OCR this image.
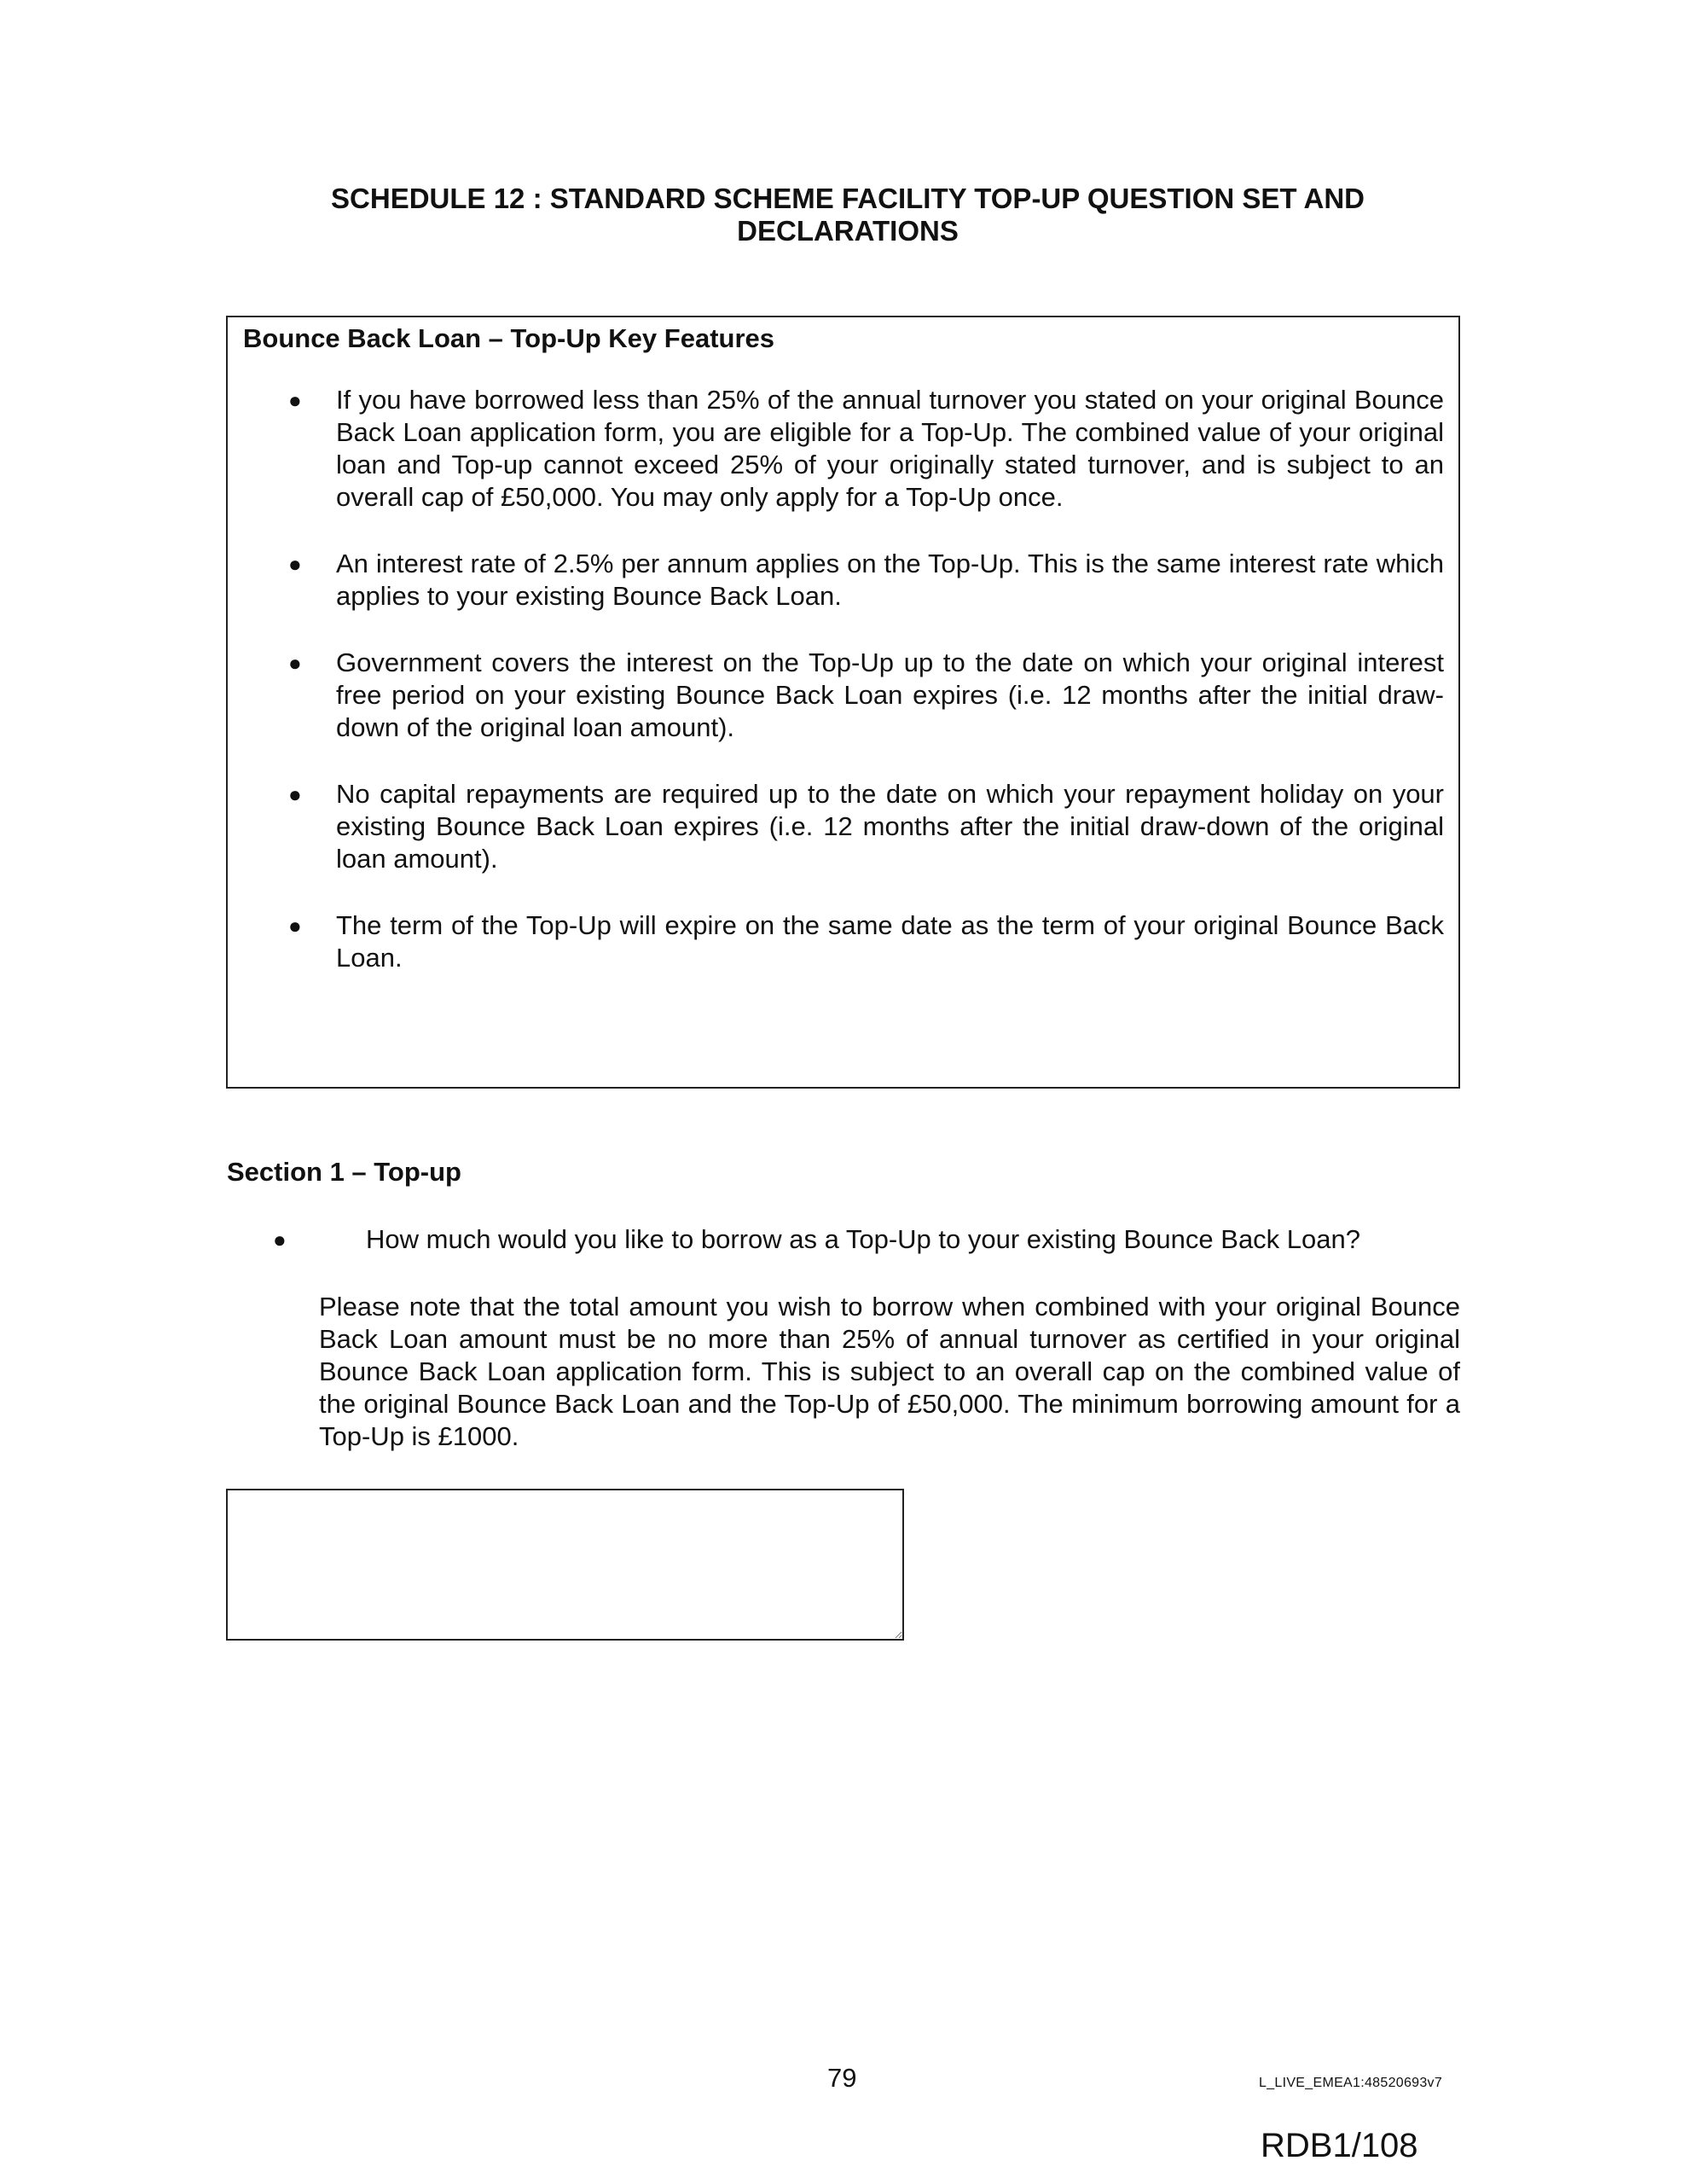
SCHEDULE 12 : STANDARD SCHEME FACILITY TOP-UP QUESTION SET AND
DECLARATIONS
Bounce Back Loan – Top-Up Key Features
● If you have borrowed less than 25% of the annual turnover you stated on your original Bounce Back Loan application form, you are eligible for a Top-Up. The combined value of your original loan and Top-up cannot exceed 25% of your originally stated turnover, and is subject to an overall cap of £50,000. You may only apply for a Top-Up once.
● An interest rate of 2.5% per annum applies on the Top-Up. This is the same interest rate which applies to your existing Bounce Back Loan.
● Government covers the interest on the Top-Up up to the date on which your original interest free period on your existing Bounce Back Loan expires (i.e. 12 months after the initial draw-down of the original loan amount).
● No capital repayments are required up to the date on which your repayment holiday on your existing Bounce Back Loan expires (i.e. 12 months after the initial draw-down of the original loan amount).
● The term of the Top-Up will expire on the same date as the term of your original Bounce Back Loan.
Section 1 – Top-up
●	How much would you like to borrow as a Top-Up to your existing Bounce Back Loan?
Please note that the total amount you wish to borrow when combined with your original Bounce Back Loan amount must be no more than 25% of annual turnover as certified in your original Bounce Back Loan application form. This is subject to an overall cap on the combined value of the original Bounce Back Loan and the Top-Up of £50,000. The minimum borrowing amount for a Top-Up is £1000.
79	L_LIVE_EMEA1:48520693v7
RDB1/108
